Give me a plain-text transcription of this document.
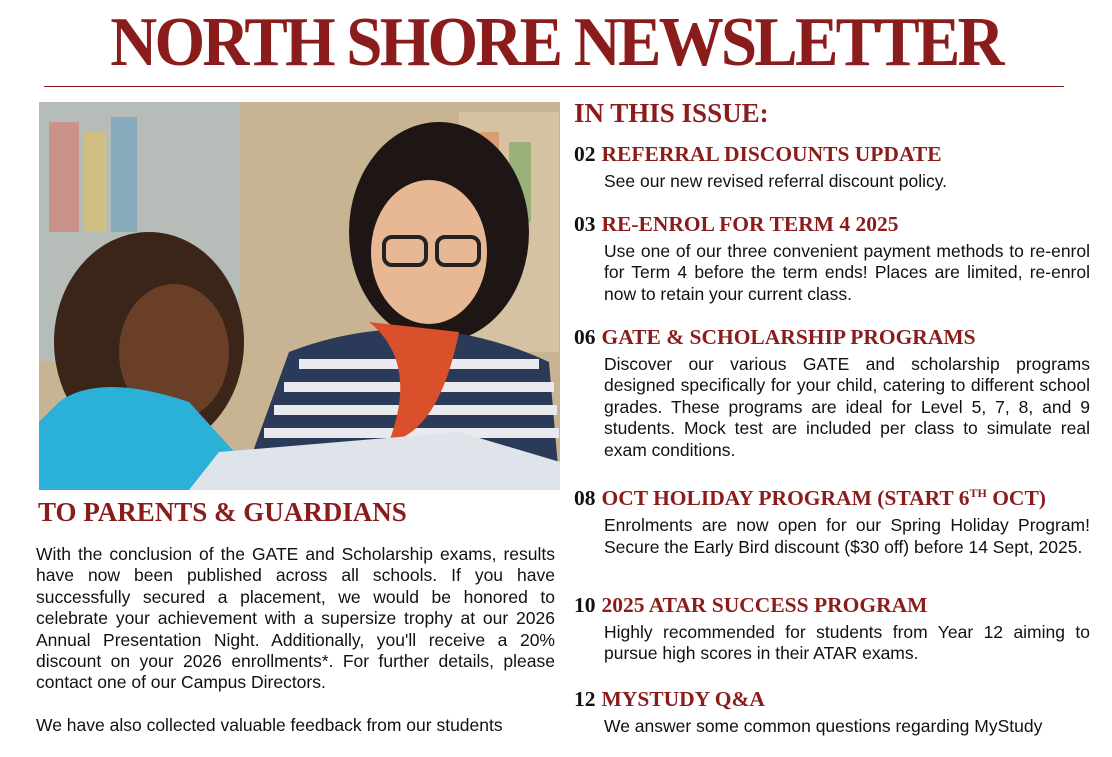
NORTH SHORE NEWSLETTER
TO PARENTS & GUARDIANS

With the conclusion of the GATE and Scholarship exams, results have now been published across all schools. If you have successfully secured a placement, we would be honored to celebrate your achievement with a supersize trophy at our 2026 Annual Presentation Night. Additionally, you'll receive a 20% discount on your 2026 enrollments*. For further details, please contact one of our Campus Directors.

We have also collected valuable feedback from our students

IN THIS ISSUE:
02 REFERRAL DISCOUNTS UPDATE
See our new revised referral discount policy.
03 RE-ENROL FOR TERM 4 2025
Use one of our three convenient payment methods to re-enrol for Term 4 before the term ends! Places are limited, re-enrol now to retain your current class.
06 GATE & SCHOLARSHIP PROGRAMS
Discover our various GATE and scholarship programs designed specifically for your child, catering to different school grades. These programs are ideal for Level 5, 7, 8, and 9 students. Mock test are included per class to simulate real exam conditions.
08 OCT HOLIDAY PROGRAM (START 6TH OCT)
Enrolments are now open for our Spring Holiday Program! Secure the Early Bird discount ($30 off) before 14 Sept, 2025.
10 2025 ATAR SUCCESS PROGRAM
Highly recommended for students from Year 12 aiming to pursue high scores in their ATAR exams.
12 MYSTUDY Q&A
We answer some common questions regarding MyStudy
